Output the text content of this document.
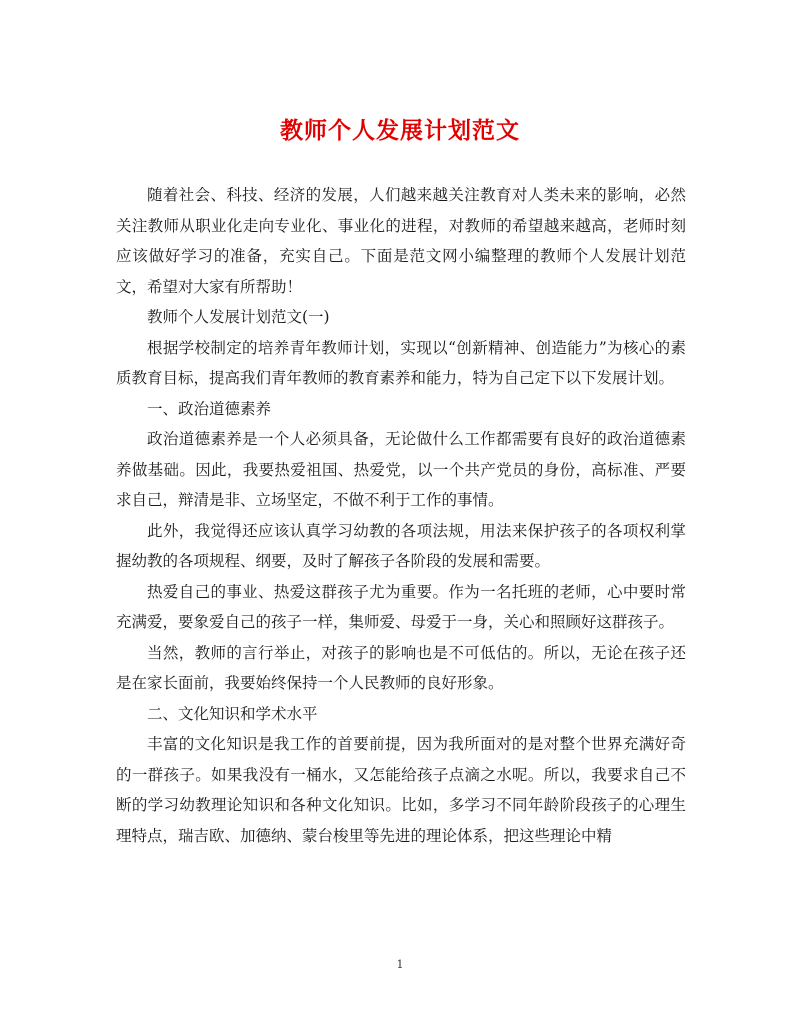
教师个人发展计划范文

随着社会、科技、经济的发展，人们越来越关注教育对人类未来的影响，必然关注教师从职业化走向专业化、事业化的进程，对教师的希望越来越高，老师时刻应该做好学习的准备，充实自己。下面是范文网小编整理的教师个人发展计划范文，希望对大家有所帮助！

教师个人发展计划范文(一)

根据学校制定的培养青年教师计划，实现以“创新精神、创造能力”为核心的素质教育目标，提高我们青年教师的教育素养和能力，特为自己定下以下发展计划。

一、政治道德素养

政治道德素养是一个人必须具备，无论做什么工作都需要有良好的政治道德素养做基础。因此，我要热爱祖国、热爱党，以一个共产党员的身份，高标准、严要求自己，辩清是非、立场坚定，不做不利于工作的事情。

此外，我觉得还应该认真学习幼教的各项法规，用法来保护孩子的各项权利掌握幼教的各项规程、纲要，及时了解孩子各阶段的发展和需要。

热爱自己的事业、热爱这群孩子尤为重要。作为一名托班的老师，心中要时常充满爱，要象爱自己的孩子一样，集师爱、母爱于一身，关心和照顾好这群孩子。

当然，教师的言行举止，对孩子的影响也是不可低估的。所以，无论在孩子还是在家长面前，我要始终保持一个人民教师的良好形象。

二、文化知识和学术水平

丰富的文化知识是我工作的首要前提，因为我所面对的是对整个世界充满好奇的一群孩子。如果我没有一桶水，又怎能给孩子点滴之水呢。所以，我要求自己不断的学习幼教理论知识和各种文化知识。比如，多学习不同年龄阶段孩子的心理生理特点，瑞吉欧、加德纳、蒙台梭里等先进的理论体系，把这些理论中精

1
